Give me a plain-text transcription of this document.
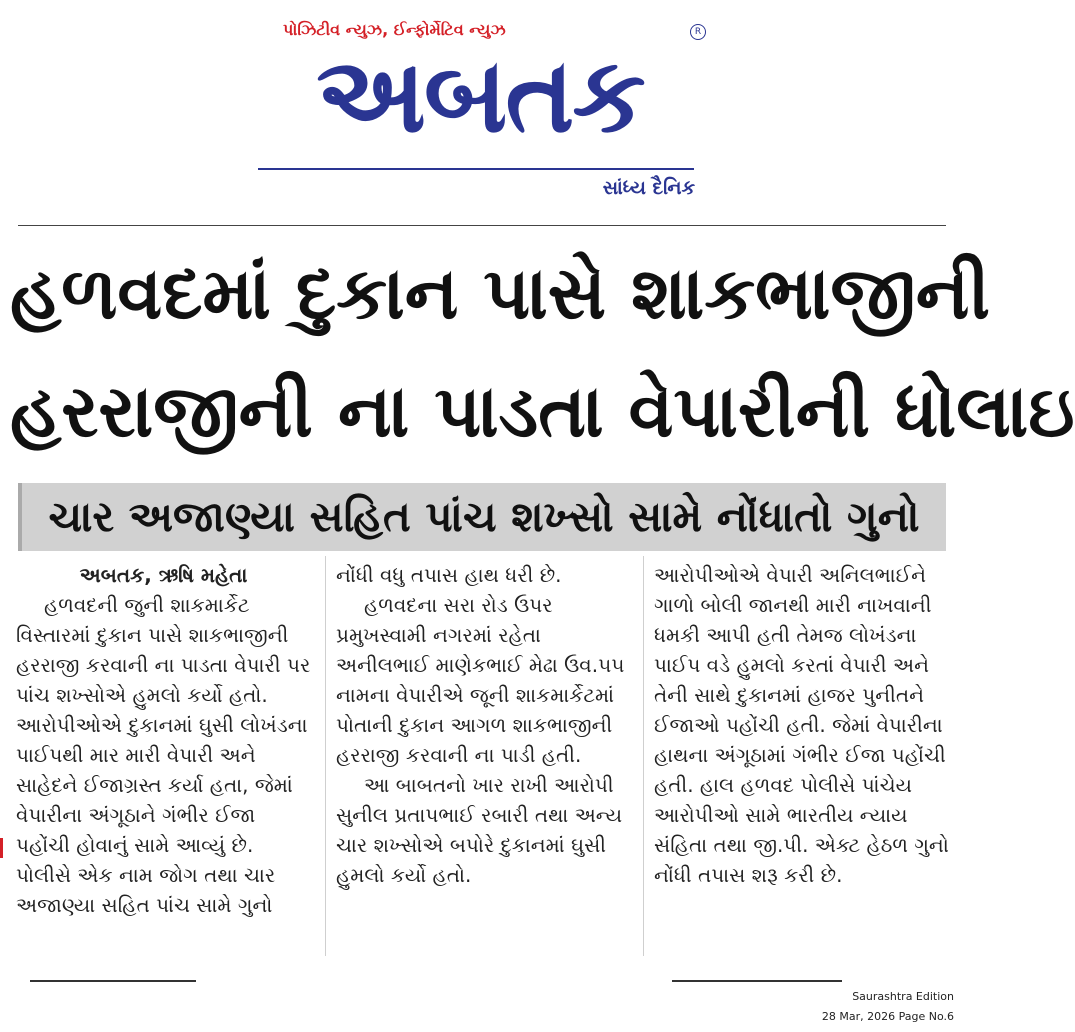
પોઝિટીવ ન્યુઝ, ઈન્ફોર્મેટિવ ન્યુઝ	R
અબતક
સાંધ્ય દૈનિક
હળવદમાં દુકાન પાસે શાકભાજીની
હરરાજીની ના પાડતા વેપારીની ધોલાઇ
ચાર અજાણ્યા સહિત પાંચ શખ્સો સામે નોંધાતો ગુનો

અબતક, ઋષિ મહેતા

હળવદની જુની શાકમાર્કેટ વિસ્તારમાં દુકાન પાસે શાકભાજીની હરરાજી કરવાની ના પાડતા વેપારી પર પાંચ શખ્સોએ હુમલો કર્યો હતો. આરોપીઓએ દુકાનમાં ઘુસી લોખંડના પાઈપથી માર મારી વેપારી અને સાહેદને ઈજાગ્રસ્ત કર્યા હતા, જેમાં વેપારીના અંગૂઠાને ગંભીર ઈજા પહોંચી હોવાનું સામે આવ્યું છે. પોલીસે એક નામ જોગ તથા ચાર અજાણ્યા સહિત પાંચ સામે ગુનો

નોંધી વધુ તપાસ હાથ ધરી છે.

હળવદના સરા રોડ ઉપર પ્રમુખસ્વામી નગરમાં રહેતા અનીલભાઈ માણેકભાઈ મેઢા ઉવ.૫૫ નામના વેપારીએ જૂની શાકમાર્કેટમાં પોતાની દુકાન આગળ શાકભાજીની હરરાજી કરવાની ના પાડી હતી.

આ બાબતનો ખાર રાખી આરોપી સુનીલ પ્રતાપભાઈ રબારી તથા અન્ય ચાર શખ્સોએ બપોરે દુકાનમાં ઘુસી હુમલો કર્યો હતો.

આરોપીઓએ વેપારી અનિલભાઈને ગાળો બોલી જાનથી મારી નાખવાની ધમકી આપી હતી તેમજ લોખંડના પાઈપ વડે હુમલો કરતાં વેપારી અને તેની સાથે દુકાનમાં હાજર પુનીતને ઈજાઓ પહોંચી હતી. જેમાં વેપારીના હાથના અંગૂઠામાં ગંભીર ઈજા પહોંચી હતી. હાલ હળવદ પોલીસે પાંચેય આરોપીઓ સામે ભારતીય ન્યાય સંહિતા તથા જી.પી. એક્ટ હેઠળ ગુનો નોંધી તપાસ શરૂ કરી છે.

Saurashtra Edition
28 Mar, 2026 Page No.6
